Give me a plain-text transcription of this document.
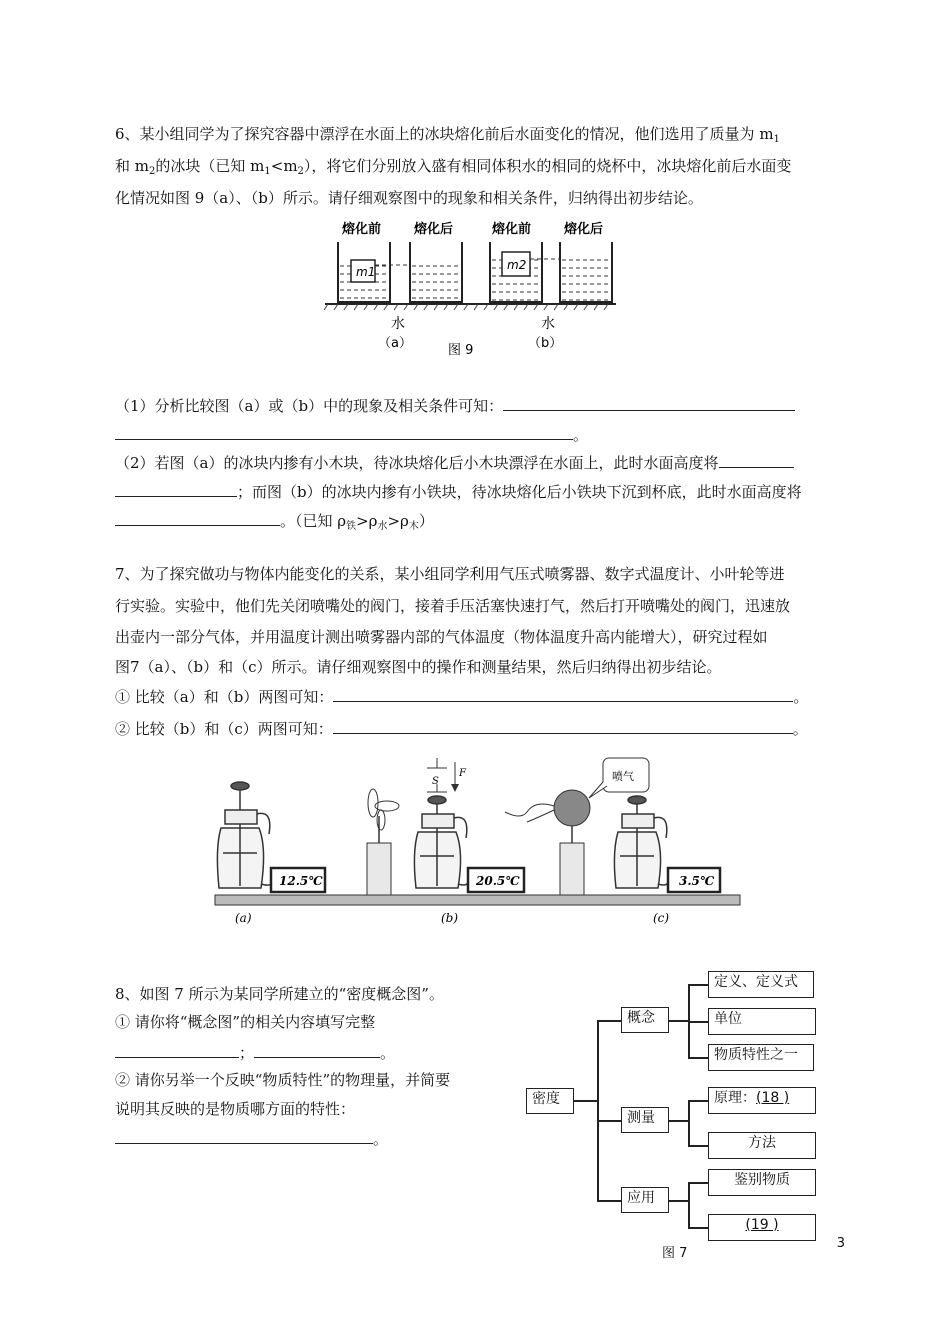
6、某小组同学为了探究容器中漂浮在水面上的冰块熔化前后水面变化的情况，他们选用了质量为 $m_1$
和 $m_2$的冰块（已知 $m_1<m_2$），将它们分别放入盛有相同体积水的相同的烧杯中，冰块熔化前后水面变
化情况如图 9（a）、（b）所示。请仔细观察图中的现象和相关条件，归纳得出初步结论。
m1	m2
熔化前	熔化后	熔化前	熔化后
水	水
（a）	（b）
图 9
（1）分析比较图（a）或（b）中的现象及相关条件可知：
。
（2）若图（a）的冰块内掺有小木块，待冰块熔化后小木块漂浮在水面上，此时水面高度将
；而图（b）的冰块内掺有小铁块，待冰块熔化后小铁块下沉到杯底，此时水面高度将
。（已知 $\rho_铁>\rho_水>\rho_木$）
7、为了探究做功与物体内能变化的关系，某小组同学利用气压式喷雾器、数字式温度计、小叶轮等进
行实验。实验中，他们先关闭喷嘴处的阀门，接着手压活塞快速打气，然后打开喷嘴处的阀门，迅速放
出壶内一部分气体，并用温度计测出喷雾器内部的气体温度（物体温度升高内能增大），研究过程如
图7（a）、（b）和（c）所示。请仔细观察图中的操作和测量结果，然后归纳得出初步结论。
① 比较（a）和（b）两图可知：	。
② 比较（b）和（c）两图可知：	。
12.5℃
S
F
20.5℃
喷气
3.5℃
(a)	(b)	(c)
8、如图 7 所示为某同学所建立的“密度概念图”。
① 请你将“概念图”的相关内容填写完整
；	。
② 请你另举一个反映“物质特性”的物理量，并简要
说明其反映的是物质哪方面的特性：
。
密度
概念
测量
应用
定义、定义式
单位
物质特性之一
原理：(18 )
方法
鉴别物质
(19 )
图 7
3
